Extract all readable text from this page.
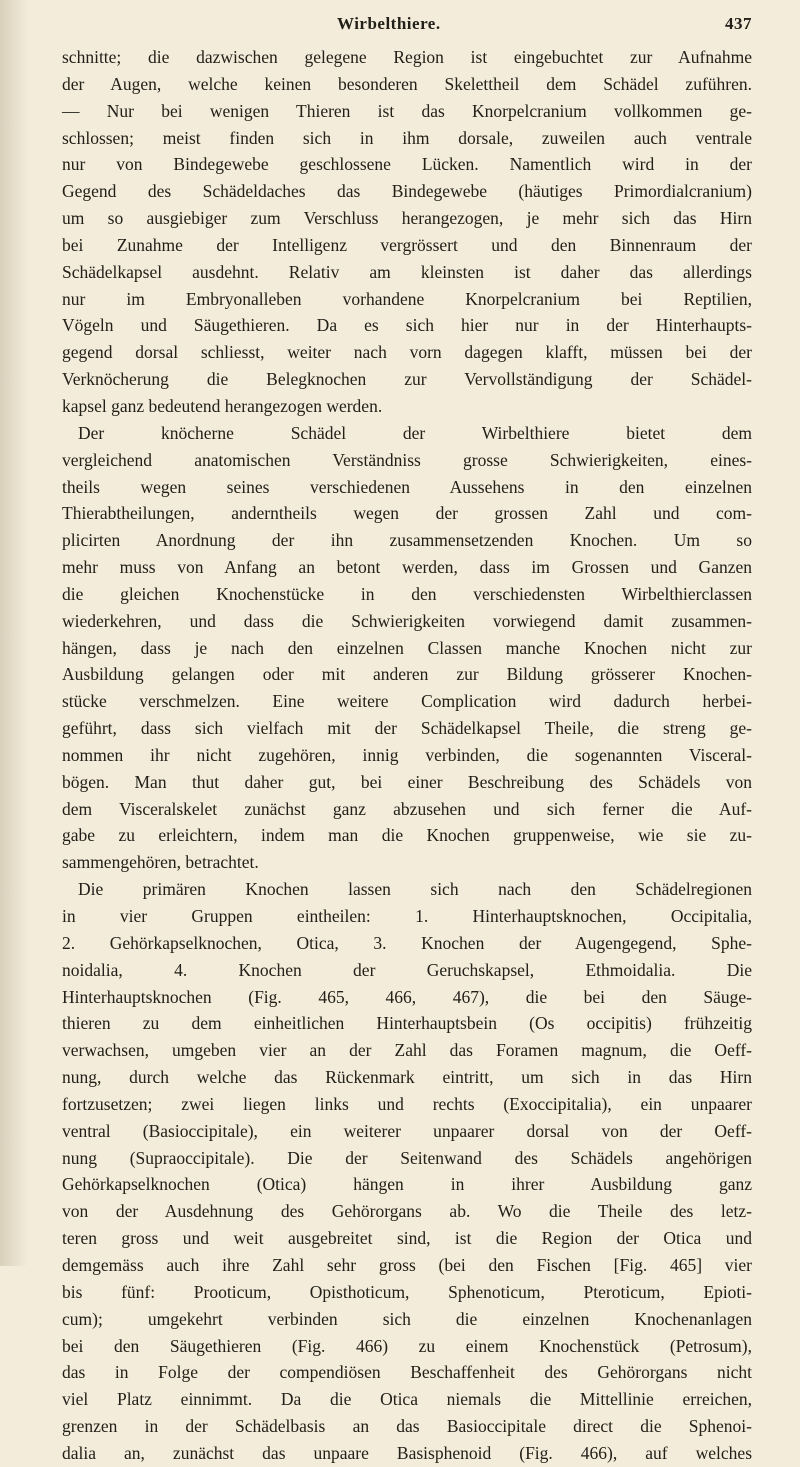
Wirbelthiere.	437
schnitte; die dazwischen gelegene Region ist eingebuchtet zur Aufnahme
der Augen, welche keinen besonderen Skelettheil dem Schädel zuführen.
— Nur bei wenigen Thieren ist das Knorpelcranium vollkommen ge-
schlossen; meist finden sich in ihm dorsale, zuweilen auch ventrale
nur von Bindegewebe geschlossene Lücken. Namentlich wird in der
Gegend des Schädeldaches das Bindegewebe (häutiges Primordialcranium)
um so ausgiebiger zum Verschluss herangezogen, je mehr sich das Hirn
bei Zunahme der Intelligenz vergrössert und den Binnenraum der
Schädelkapsel ausdehnt. Relativ am kleinsten ist daher das allerdings
nur im Embryonalleben vorhandene Knorpelcranium bei Reptilien,
Vögeln und Säugethieren. Da es sich hier nur in der Hinterhaupts-
gegend dorsal schliesst, weiter nach vorn dagegen klafft, müssen bei der
Verknöcherung die Belegknochen zur Vervollständigung der Schädel-
kapsel ganz bedeutend herangezogen werden.
Der knöcherne Schädel der Wirbelthiere bietet dem
vergleichend anatomischen Verständniss grosse Schwierigkeiten, eines-
theils wegen seines verschiedenen Aussehens in den einzelnen
Thierabtheilungen, anderntheils wegen der grossen Zahl und com-
plicirten Anordnung der ihn zusammensetzenden Knochen. Um so
mehr muss von Anfang an betont werden, dass im Grossen und Ganzen
die gleichen Knochenstücke in den verschiedensten Wirbelthierclassen
wiederkehren, und dass die Schwierigkeiten vorwiegend damit zusammen-
hängen, dass je nach den einzelnen Classen manche Knochen nicht zur
Ausbildung gelangen oder mit anderen zur Bildung grösserer Knochen-
stücke verschmelzen. Eine weitere Complication wird dadurch herbei-
geführt, dass sich vielfach mit der Schädelkapsel Theile, die streng ge-
nommen ihr nicht zugehören, innig verbinden, die sogenannten Visceral-
bögen. Man thut daher gut, bei einer Beschreibung des Schädels von
dem Visceralskelet zunächst ganz abzusehen und sich ferner die Auf-
gabe zu erleichtern, indem man die Knochen gruppenweise, wie sie zu-
sammengehören, betrachtet.
Die primären Knochen lassen sich nach den Schädelregionen
in vier Gruppen eintheilen: 1. Hinterhauptsknochen, Occipitalia,
2. Gehörkapselknochen, Otica, 3. Knochen der Augengegend, Sphe-
noidalia, 4. Knochen der Geruchskapsel, Ethmoidalia. Die
Hinterhauptsknochen (Fig. 465, 466, 467), die bei den Säuge-
thieren zu dem einheitlichen Hinterhauptsbein (Os occipitis) frühzeitig
verwachsen, umgeben vier an der Zahl das Foramen magnum, die Oeff-
nung, durch welche das Rückenmark eintritt, um sich in das Hirn
fortzusetzen; zwei liegen links und rechts (Exoccipitalia), ein unpaarer
ventral (Basioccipitale), ein weiterer unpaarer dorsal von der Oeff-
nung (Supraoccipitale). Die der Seitenwand des Schädels angehörigen
Gehörkapselknochen (Otica) hängen in ihrer Ausbildung ganz
von der Ausdehnung des Gehörorgans ab. Wo die Theile des letz-
teren gross und weit ausgebreitet sind, ist die Region der Otica und
demgemäss auch ihre Zahl sehr gross (bei den Fischen [Fig. 465] vier
bis fünf: Prooticum, Opisthoticum, Sphenoticum, Pteroticum, Epioti-
cum); umgekehrt verbinden sich die einzelnen Knochenanlagen
bei den Säugethieren (Fig. 466) zu einem Knochenstück (Petrosum),
das in Folge der compendiösen Beschaffenheit des Gehörorgans nicht
viel Platz einnimmt. Da die Otica niemals die Mittellinie erreichen,
grenzen in der Schädelbasis an das Basioccipitale direct die Sphenoi-
dalia an, zunächst das unpaare Basisphenoid (Fig. 466), auf welches
